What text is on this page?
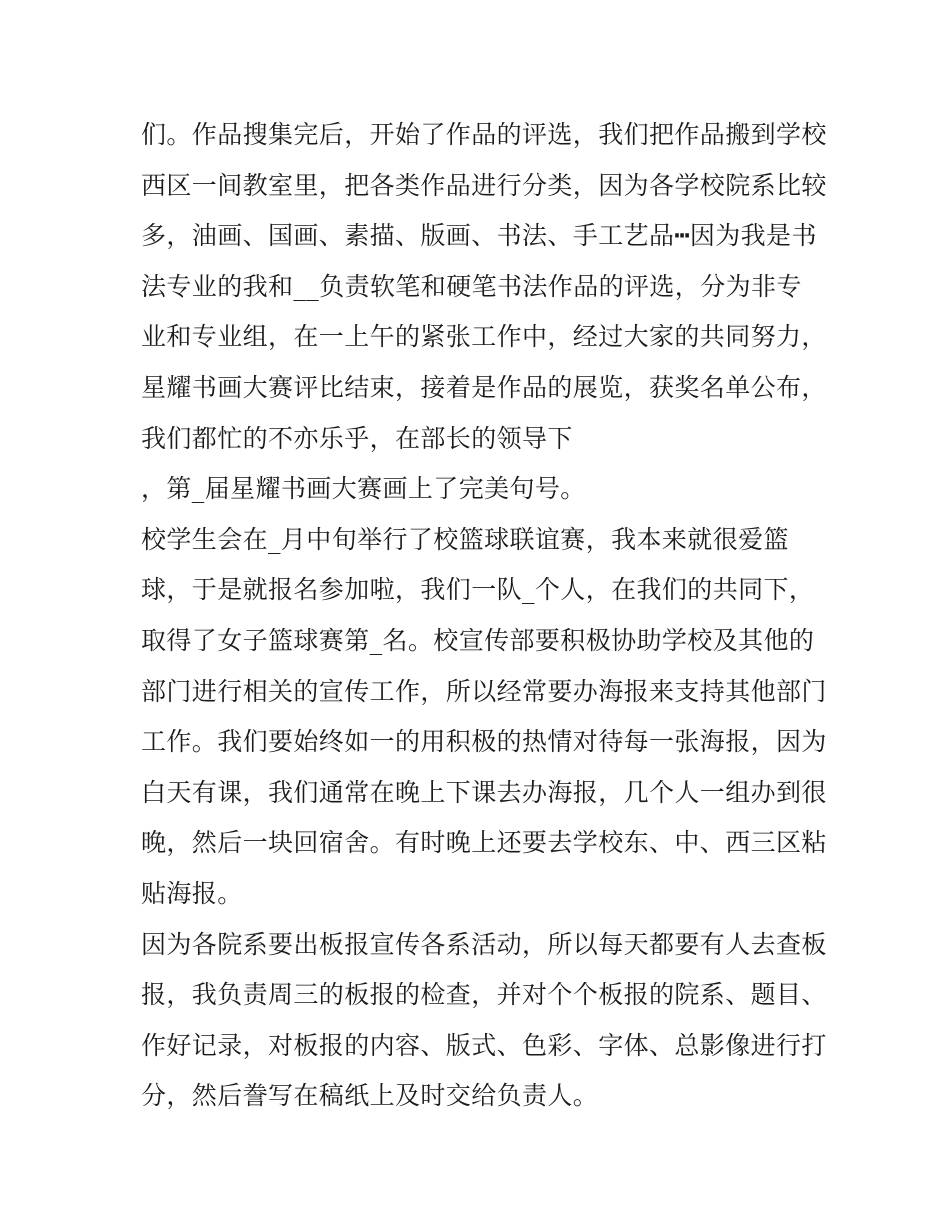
们。作品搜集完后，开始了作品的评选，我们把作品搬到学校
西区一间教室里，把各类作品进行分类，因为各学校院系比较
多，油画、国画、素描、版画、书法、手工艺品┅因为我是书
法专业的我和__负责软笔和硬笔书法作品的评选，分为非专
业和专业组，在一上午的紧张工作中，经过大家的共同努力，
星耀书画大赛评比结束，接着是作品的展览，获奖名单公布，
我们都忙的不亦乐乎，在部长的领导下
，第_届星耀书画大赛画上了完美句号。
校学生会在_月中旬举行了校篮球联谊赛，我本来就很爱篮
球，于是就报名参加啦，我们一队_个人，在我们的共同下，
取得了女子篮球赛第_名。校宣传部要积极协助学校及其他的
部门进行相关的宣传工作，所以经常要办海报来支持其他部门
工作。我们要始终如一的用积极的热情对待每一张海报，因为
白天有课，我们通常在晚上下课去办海报，几个人一组办到很
晚，然后一块回宿舍。有时晚上还要去学校东、中、西三区粘
贴海报。
因为各院系要出板报宣传各系活动，所以每天都要有人去查板
报，我负责周三的板报的检查，并对个个板报的院系、题目、
作好记录，对板报的内容、版式、色彩、字体、总影像进行打
分，然后誊写在稿纸上及时交给负责人。
